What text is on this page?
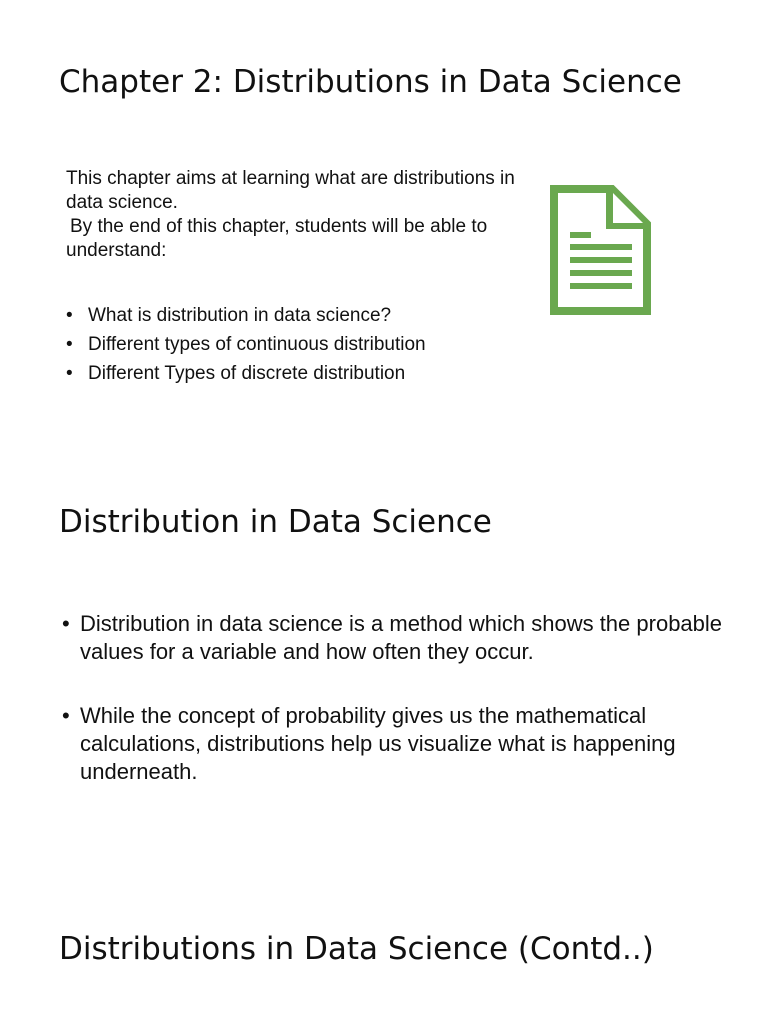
Chapter 2: Distributions in Data Science

This chapter aims at learning what are distributions in data science.

By the end of this chapter, students will be able to understand:

• What is distribution in data science?
• Different types of continuous distribution
• Different Types of discrete distribution
Distribution in Data Science
• Distribution in data science is a method which shows the probable values for a variable and how often they occur.
• While the concept of probability gives us the mathematical calculations, distributions help us visualize what is happening underneath.
Distributions in Data Science (Contd..)
